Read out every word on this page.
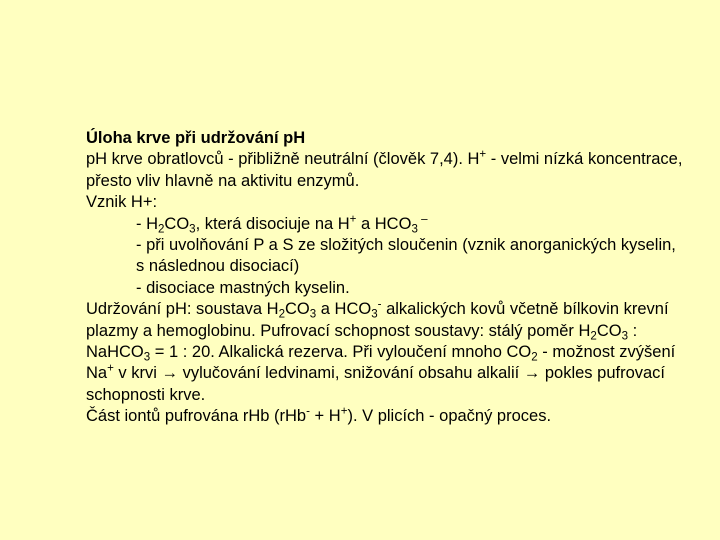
Úloha krve při udržování pH
pH krve obratlovců - přibližně neutrální (člověk 7,4). H+ - velmi nízká koncentrace, přesto vliv hlavně na aktivitu enzymů.
Vznik H+:
- $H_2CO_3$, která disociuje na H+ a $HCO_3$ –
- při uvolňování P a S ze složitých sloučenin (vznik anorganických kyselin, s následnou disociací)
- disociace mastných kyselin.
Udržování pH: soustava $H_2CO_3$ a $HCO_3^-$ alkalických kovů včetně bílkovin krevní plazmy a hemoglobinu. Pufrovací schopnost soustavy: stálý poměr $H_2CO_3$ : NaHCO$_3$ = 1 : 20. Alkalická rezerva. Při vyloučení mnoho $CO_2$ - možnost zvýšení Na+ v krvi → vylučování ledvinami, snižování obsahu alkalií → pokles pufrovací schopnosti krve.
Část iontů pufrována rHb (rHb- + H+). V plicích - opačný proces.
